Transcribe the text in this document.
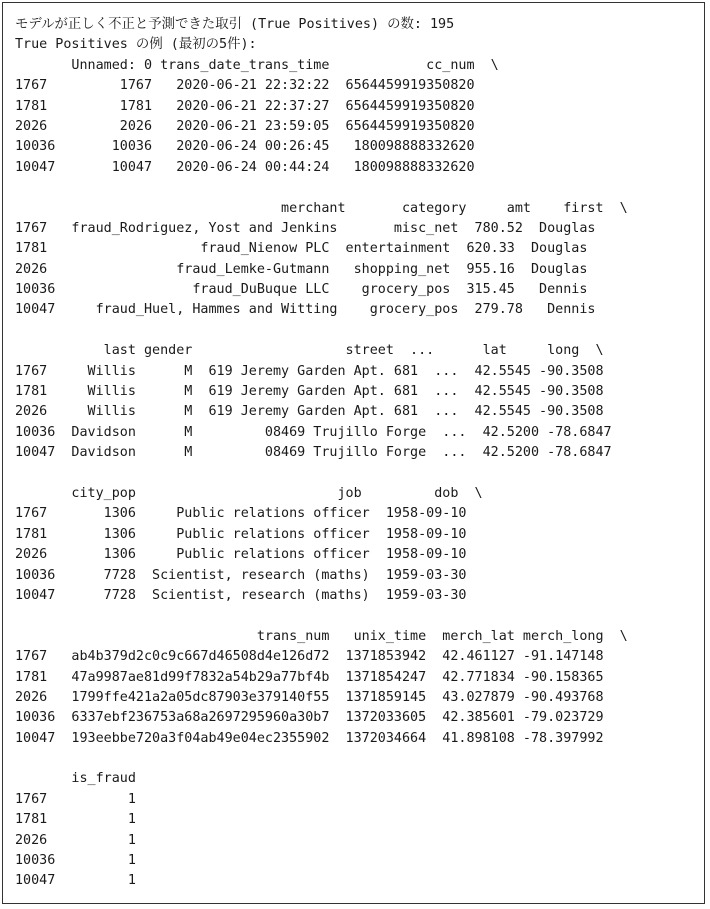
モデルが正しく不正と予測できた取引 (True Positives) の数: 195
True Positives の例 (最初の5件):
Unnamed: 0 trans_date_trans_time            cc_num  \
1767         1767   2020-06-21 22:32:22  6564459919350820
1781         1781   2020-06-21 22:37:27  6564459919350820
2026         2026   2020-06-21 23:59:05  6564459919350820
10036       10036   2020-06-24 00:26:45   180098888332620
10047       10047   2020-06-24 00:44:24   180098888332620
merchant       category     amt    first  \
1767   fraud_Rodriguez, Yost and Jenkins       misc_net  780.52  Douglas
1781                   fraud_Nienow PLC  entertainment  620.33  Douglas
2026                fraud_Lemke-Gutmann   shopping_net  955.16  Douglas
10036                 fraud_DuBuque LLC    grocery_pos  315.45   Dennis
10047     fraud_Huel, Hammes and Witting    grocery_pos  279.78   Dennis
last gender                   street  ...      lat     long  \
1767     Willis      M  619 Jeremy Garden Apt. 681  ...  42.5545 -90.3508
1781     Willis      M  619 Jeremy Garden Apt. 681  ...  42.5545 -90.3508
2026     Willis      M  619 Jeremy Garden Apt. 681  ...  42.5545 -90.3508
10036  Davidson      M         08469 Trujillo Forge  ...  42.5200 -78.6847
10047  Davidson      M         08469 Trujillo Forge  ...  42.5200 -78.6847
city_pop                         job         dob  \
1767       1306     Public relations officer  1958-09-10
1781       1306     Public relations officer  1958-09-10
2026       1306     Public relations officer  1958-09-10
10036      7728  Scientist, research (maths)  1959-03-30
10047      7728  Scientist, research (maths)  1959-03-30
trans_num   unix_time  merch_lat merch_long  \
1767   ab4b379d2c0c9c667d46508d4e126d72  1371853942  42.461127 -91.147148
1781   47a9987ae81d99f7832a54b29a77bf4b  1371854247  42.771834 -90.158365
2026   1799ffe421a2a05dc87903e379140f55  1371859145  43.027879 -90.493768
10036  6337ebf236753a68a2697295960a30b7  1372033605  42.385601 -79.023729
10047  193eebbe720a3f04ab49e04ec2355902  1372034664  41.898108 -78.397992
is_fraud
1767          1
1781          1
2026          1
10036         1
10047         1
